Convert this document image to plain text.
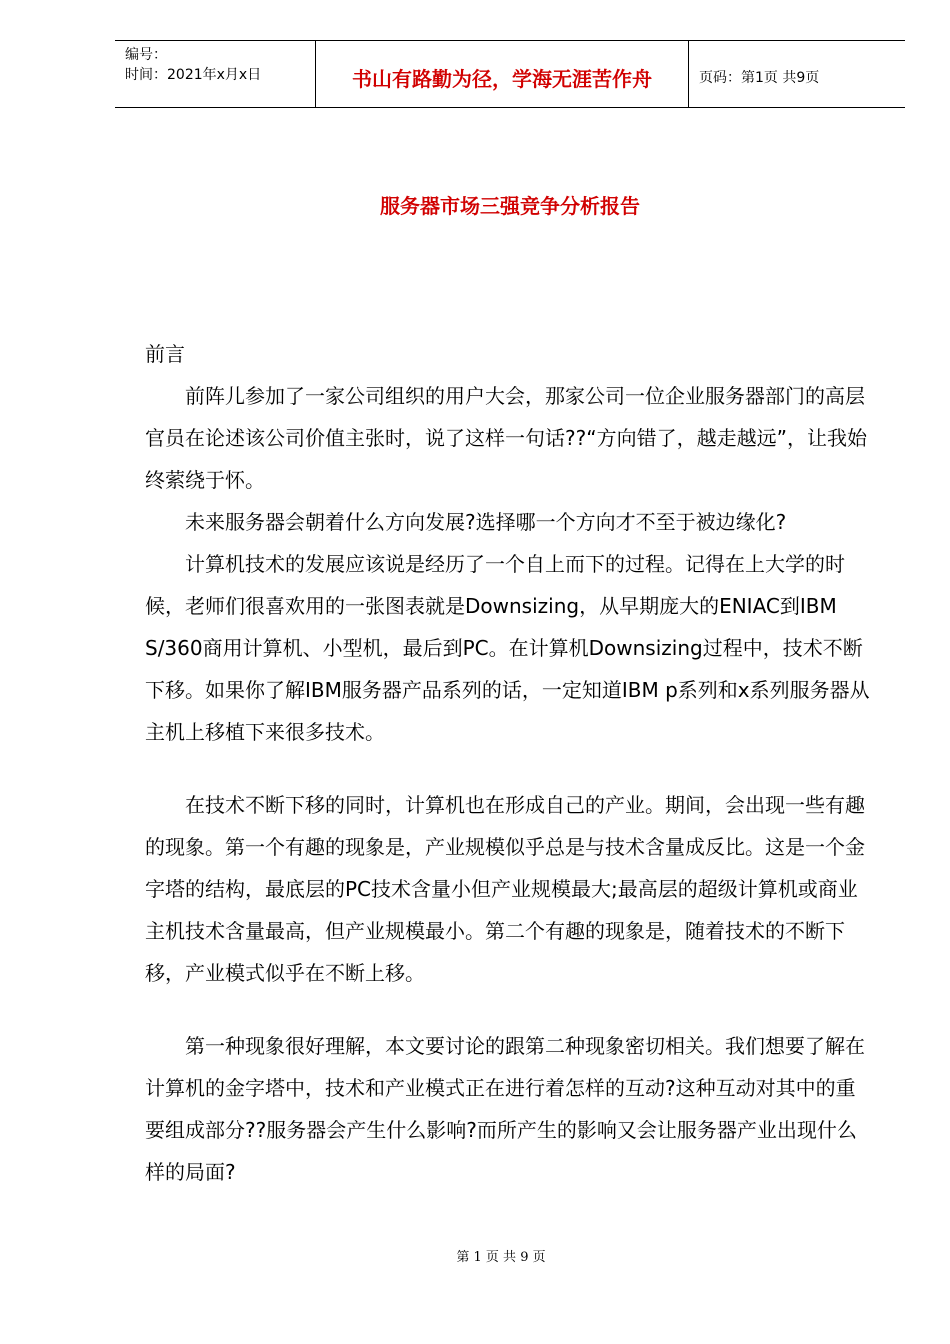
编号：
时间：2021年x月x日	书山有路勤为径，学海无涯苦作舟	页码：第1页 共9页
服务器市场三强竞争分析报告

前言

前阵儿参加了一家公司组织的用户大会，那家公司一位企业服务器部门的高层官员在论述该公司价值主张时，说了这样一句话??“方向错了，越走越远”，让我始终萦绕于怀。

未来服务器会朝着什么方向发展?选择哪一个方向才不至于被边缘化?

计算机技术的发展应该说是经历了一个自上而下的过程。记得在上大学的时候，老师们很喜欢用的一张图表就是Downsizing，从早期庞大的ENIAC到IBM S/360商用计算机、小型机，最后到PC。在计算机Downsizing过程中，技术不断下移。如果你了解IBM服务器产品系列的话，一定知道IBM p系列和x系列服务器从主机上移植下来很多技术。

在技术不断下移的同时，计算机也在形成自己的产业。期间，会出现一些有趣的现象。第一个有趣的现象是，产业规模似乎总是与技术含量成反比。这是一个金字塔的结构，最底层的PC技术含量小但产业规模最大;最高层的超级计算机或商业主机技术含量最高，但产业规模最小。第二个有趣的现象是，随着技术的不断下移，产业模式似乎在不断上移。

第一种现象很好理解，本文要讨论的跟第二种现象密切相关。我们想要了解在计算机的金字塔中，技术和产业模式正在进行着怎样的互动?这种互动对其中的重要组成部分??服务器会产生什么影响?而所产生的影响又会让服务器产业出现什么样的局面?

第 1 页 共 9 页
